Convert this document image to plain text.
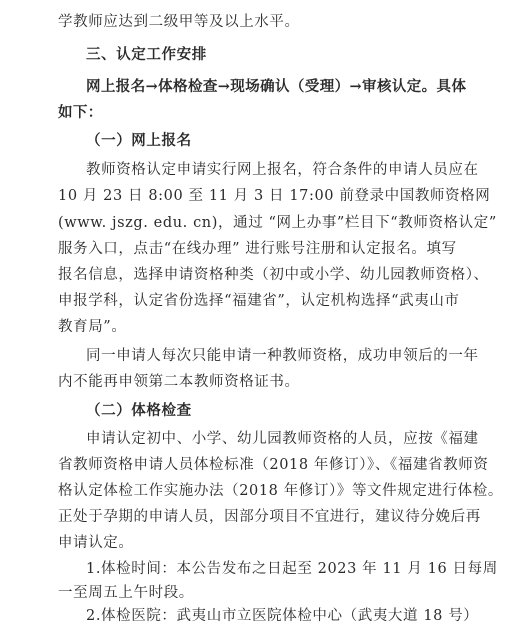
学教师应达到二级甲等及以上水平。
三、认定工作安排
网上报名→体格检查→现场确认（受理）→审核认定。具体
如下：
（一）网上报名
教师资格认定申请实行网上报名，符合条件的申请人员应在
10 月 23 日 8:00 至 11 月 3 日 17:00 前登录中国教师资格网
(www. jszg. edu. cn)，通过 “网上办事”栏目下“教师资格认定”
服务入口，点击“在线办理” 进行账号注册和认定报名。填写
报名信息，选择申请资格种类（初中或小学、幼儿园教师资格）、
申报学科，认定省份选择“福建省”，认定机构选择“武夷山市
教育局”。
同一申请人每次只能申请一种教师资格，成功申领后的一年
内不能再申领第二本教师资格证书。
（二）体格检查
申请认定初中、小学、幼儿园教师资格的人员，应按《福建
省教师资格申请人员体检标准（2018 年修订）》、《福建省教师资
格认定体检工作实施办法（2018 年修订）》等文件规定进行体检。
正处于孕期的申请人员，因部分项目不宜进行，建议待分娩后再
申请认定。
1.体检时间：本公告发布之日起至 2023 年 11 月 16 日每周
一至周五上午时段。
2.体检医院：武夷山市立医院体检中心（武夷大道 18 号）
